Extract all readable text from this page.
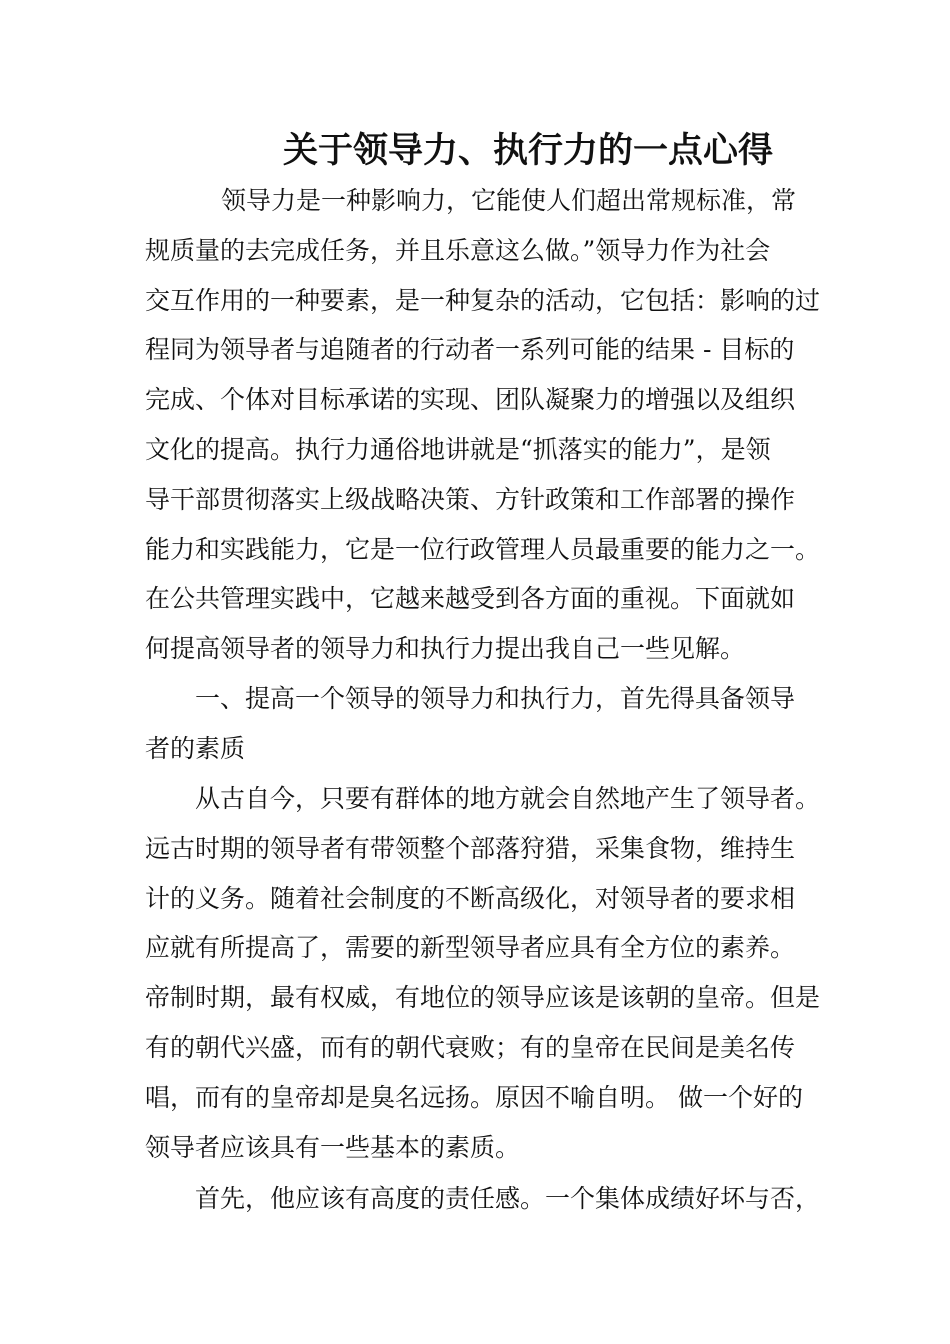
关于领导力、执行力的一点心得
领导力是一种影响力，它能使人们超出常规标准，常
规质量的去完成任务，并且乐意这么做。”领导力作为社会
交互作用的一种要素，是一种复杂的活动，它包括：影响的过
程同为领导者与追随者的行动者一系列可能的结果 - 目标的
完成、个体对目标承诺的实现、团队凝聚力的增强以及组织
文化的提高。执行力通俗地讲就是“抓落实的能力”，是领
导干部贯彻落实上级战略决策、方针政策和工作部署的操作
能力和实践能力，它是一位行政管理人员最重要的能力之一。
在公共管理实践中，它越来越受到各方面的重视。下面就如
何提高领导者的领导力和执行力提出我自己一些见解。
一、提高一个领导的领导力和执行力，首先得具备领导
者的素质
从古自今，只要有群体的地方就会自然地产生了领导者。
远古时期的领导者有带领整个部落狩猎，采集食物，维持生
计的义务。随着社会制度的不断高级化，对领导者的要求相
应就有所提高了，需要的新型领导者应具有全方位的素养。
帝制时期，最有权威，有地位的领导应该是该朝的皇帝。但是
有的朝代兴盛，而有的朝代衰败；有的皇帝在民间是美名传
唱，而有的皇帝却是臭名远扬。原因不喻自明。 做一个好的
领导者应该具有一些基本的素质。
首先，他应该有高度的责任感。一个集体成绩好坏与否，
